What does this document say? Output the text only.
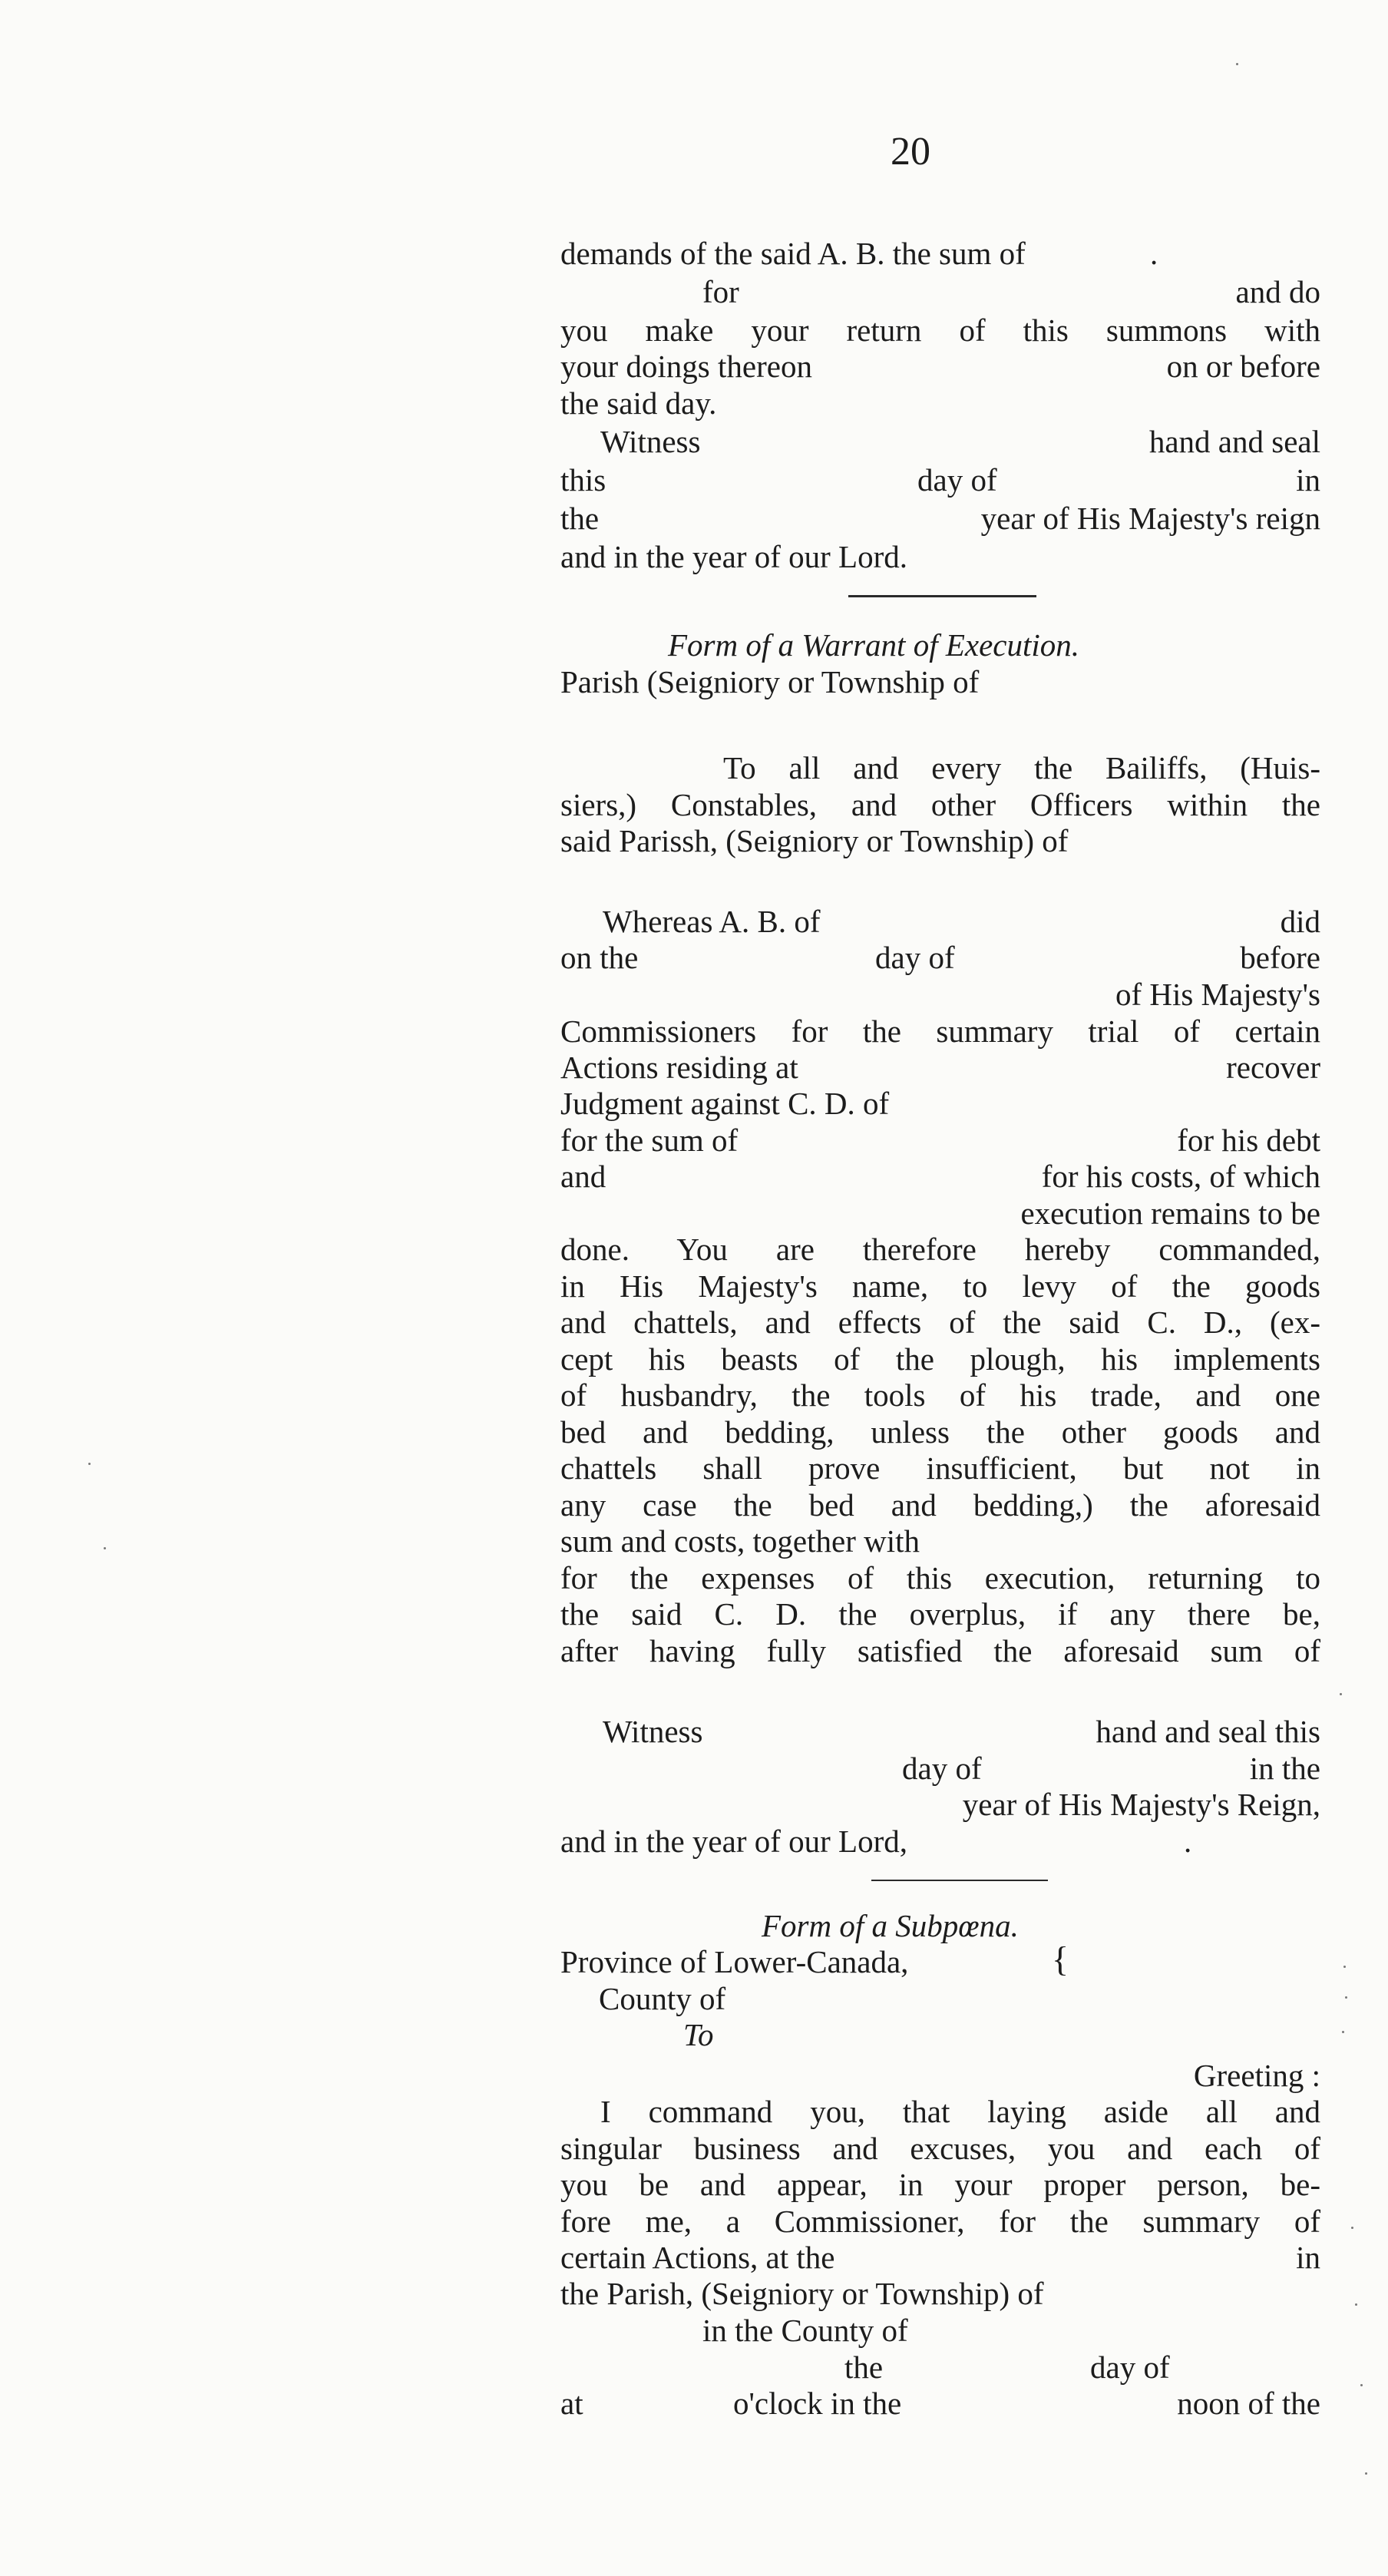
20

demands of the said A. B. the sum of

	.

for

	and do

you make your return of this summons with

your doings thereon

	on or before

the said day.

Witness

	hand and seal

this

	day of

	in

the

	year of His Majesty's reign

and in the year of our Lord.

Form of a Warrant of Execution.

Parish (Seigniory or Township of

To all and every the Bailiffs, (Huis-

siers,) Constables, and other Officers within the

said Parissh, (Seigniory or Township) of

Whereas A. B. of

	did

on the

	day of

	before

of His Majesty's

Commissioners for the summary trial of certain

Actions residing at

	recover

Judgment against C. D. of

for the sum of

	for his debt

and

	for his costs, of which

execution remains to be

done. You are therefore hereby commanded,

in His Majesty's name, to levy of the goods

and chattels, and effects of the said C. D., (ex-

cept his beasts of the plough, his implements

of husbandry, the tools of his trade, and one

bed and bedding, unless the other goods and

chattels shall prove insufficient, but not in

any case the bed and bedding,) the aforesaid

sum and costs, together with

for the expenses of this execution, returning to

the said C. D. the overplus, if any there be,

after having fully satisfied the aforesaid sum of

Witness

	hand and seal this

day of

	in the

year of His Majesty's Reign,

and in the year of our Lord,

	.

Form of a Subpœna.

Province of Lower-Canada,

	{

County of

To

Greeting :

I command you, that laying aside all and

singular business and excuses, you and each of

you be and appear, in your proper person, be-

fore me, a Commissioner, for the summary of

certain Actions, at the

	in

the Parish, (Seigniory or Township) of

in the County of

the

	day of

at

	o'clock in the

	noon of the
